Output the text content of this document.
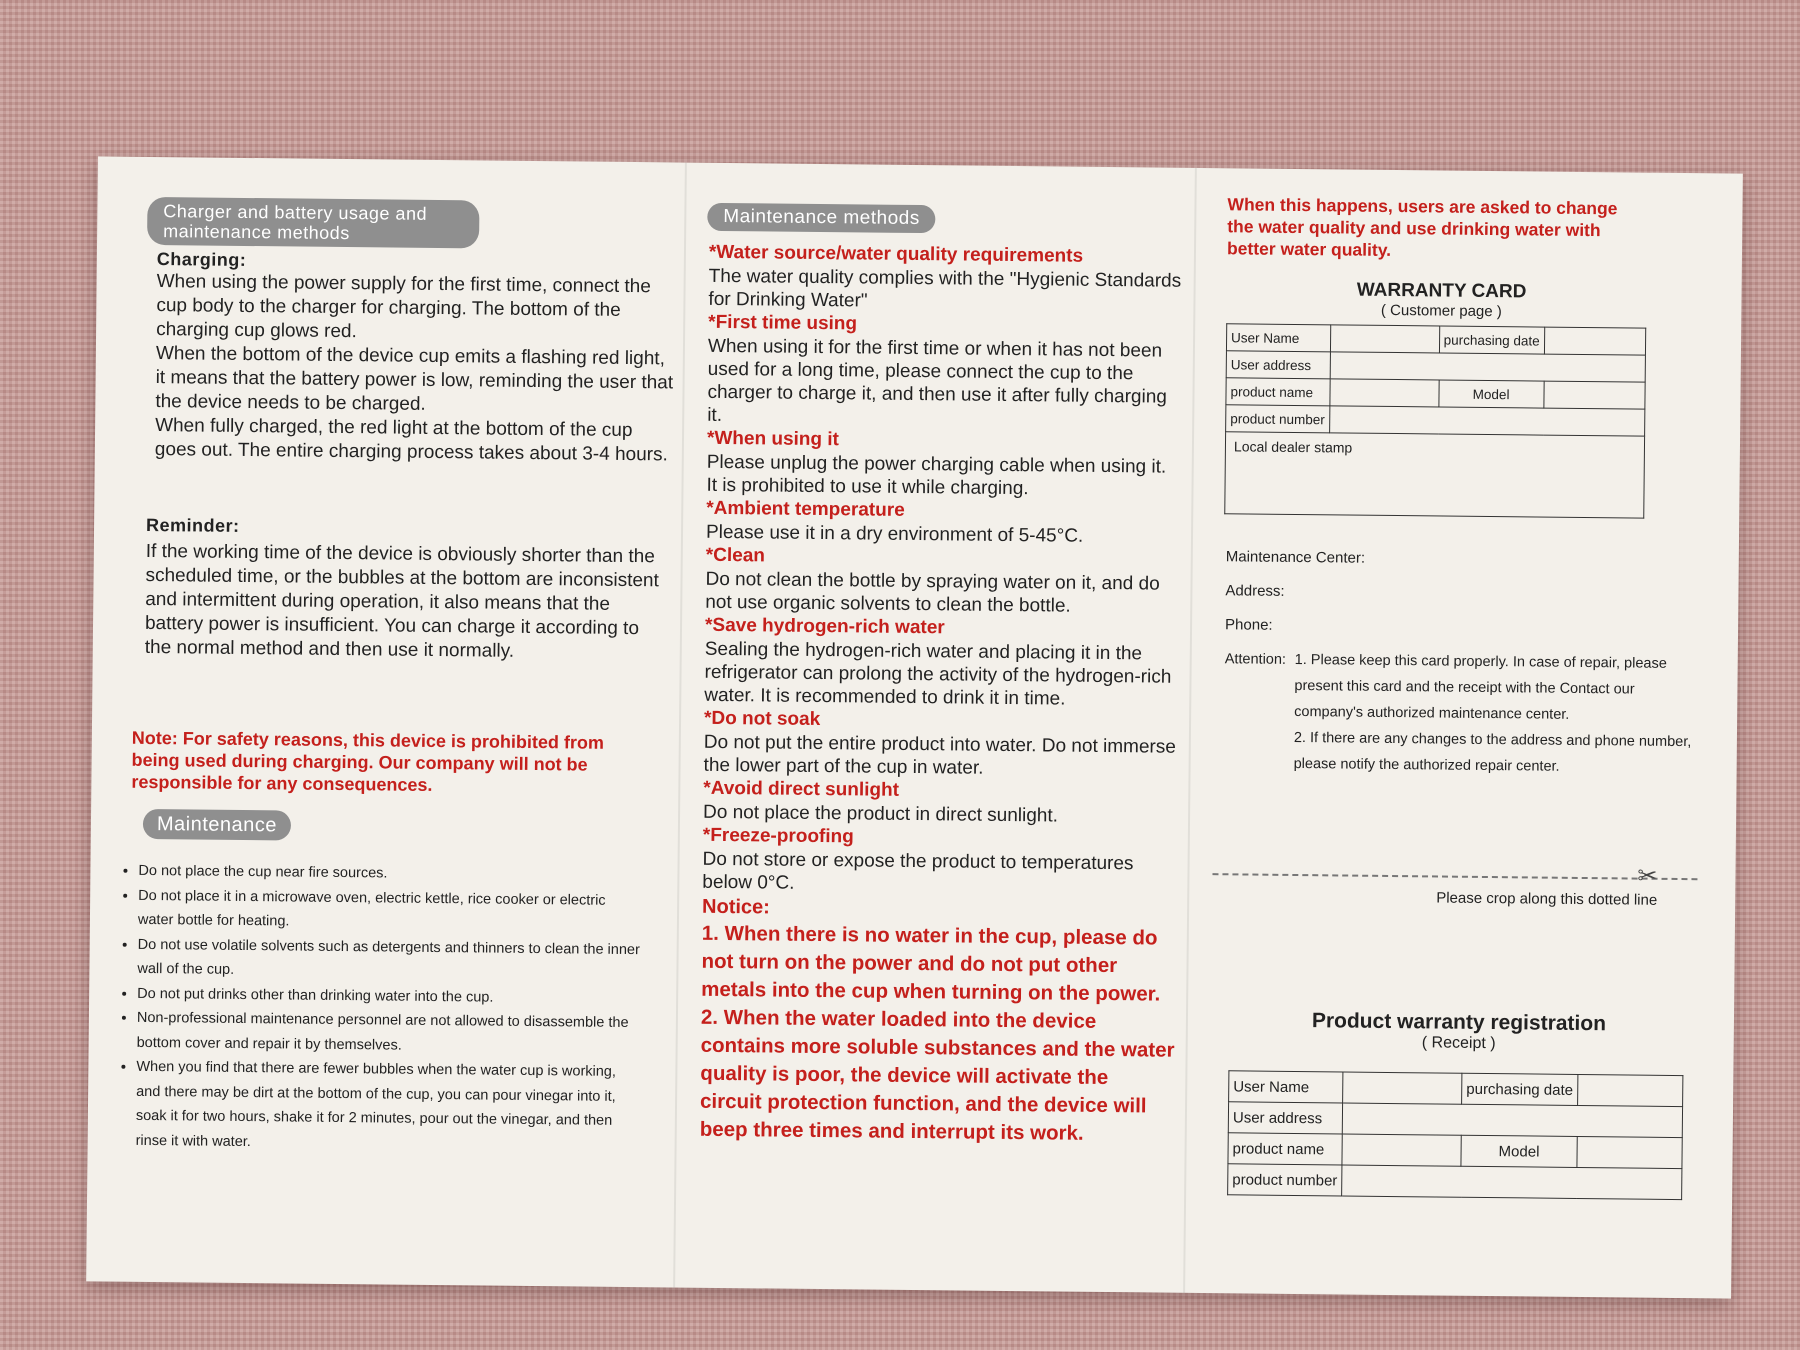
Charger and battery usage and maintenance methods
Charging:
When using the power supply for the first time, connect the cup body to the charger for charging. The bottom of the charging cup glows red.
When the bottom of the device cup emits a flashing red light, it means that the battery power is low, reminding the user that the device needs to be charged.
When fully charged, the red light at the bottom of the cup goes out. The entire charging process takes about 3-4 hours.
Reminder:
If the working time of the device is obviously shorter than the scheduled time, or the bubbles at the bottom are inconsistent and intermittent during operation, it also means that the battery power is insufficient. You can charge it according to the normal method and then use it normally.
Note: For safety reasons, this device is prohibited from being used during charging. Our company will not be responsible for any consequences.
Maintenance
• Do not place the cup near fire sources.
• Do not place it in a microwave oven, electric kettle, rice cooker or electric water bottle for heating.
• Do not use volatile solvents such as detergents and thinners to clean the inner wall of the cup.
• Do not put drinks other than drinking water into the cup.
• Non-professional maintenance personnel are not allowed to disassemble the bottom cover and repair it by themselves.
• When you find that there are fewer bubbles when the water cup is working, and there may be dirt at the bottom of the cup, you can pour vinegar into it, soak it for two hours, shake it for 2 minutes, pour out the vinegar, and then rinse it with water.
Maintenance methods
*Water source/water quality requirements
The water quality complies with the "Hygienic Standards for Drinking Water"
*First time using
When using it for the first time or when it has not been used for a long time, please connect the cup to the charger to charge it, and then use it after fully charging it.
*When using it
Please unplug the power charging cable when using it. It is prohibited to use it while charging.
*Ambient temperature
Please use it in a dry environment of 5-45°C.
*Clean
Do not clean the bottle by spraying water on it, and do not use organic solvents to clean the bottle.
*Save hydrogen-rich water
Sealing the hydrogen-rich water and placing it in the refrigerator can prolong the activity of the hydrogen-rich water. It is recommended to drink it in time.
*Do not soak
Do not put the entire product into water. Do not immerse the lower part of the cup in water.
*Avoid direct sunlight
Do not place the product in direct sunlight.
*Freeze-proofing
Do not store or expose the product to temperatures below 0°C.
Notice:
1. When there is no water in the cup, please do not turn on the power and do not put other metals into the cup when turning on the power.
2. When the water loaded into the device contains more soluble substances and the water quality is poor, the device will activate the circuit protection function, and the device will beep three times and interrupt its work.
When this happens, users are asked to change the water quality and use drinking water with better water quality.
WARRANTY CARD
( Customer page )
User Name		purchasing date	
User address			
product name		Model	
product number			
Local dealer stamp
Maintenance Center:
Address:
Phone:
Attention: 1. Please keep this card properly. In case of repair, please present this card and the receipt with the Contact our company's authorized maintenance center.
2. If there are any changes to the address and phone number, please notify the authorized repair center.
✂
Please crop along this dotted line
Product warranty registration
( Receipt )
User Name		purchasing date	
User address			
product name		Model	
product number			
